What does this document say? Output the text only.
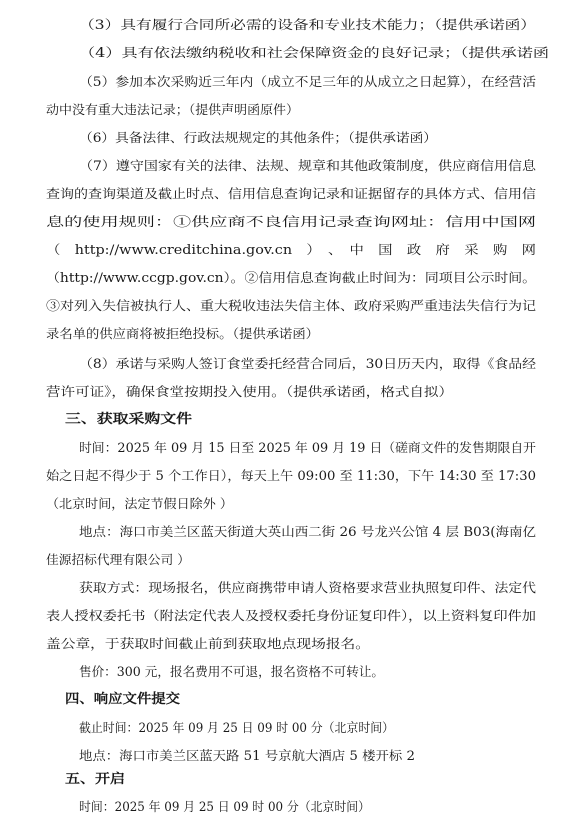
（3）具有履行合同所必需的设备和专业技术能力；（提供承诺函）
（4）具有依法缴纳税收和社会保障资金的良好记录；（提供承诺函
（5）参加本次采购近三年内（成立不足三年的从成立之日起算），在经营活
动中没有重大违法记录；（提供声明函原件）
（6）具备法律、行政法规规定的其他条件；（提供承诺函）
（7）遵守国家有关的法律、法规、规章和其他政策制度，供应商信用信息
查询的查询渠道及截止时点、信用信息查询记录和证据留存的具体方式、信用信
息的使用规则：①供应商不良信用记录查询网址：信用中国网
（　http://www.creditchina.gov.cn　）　、　中　国　政　府　采　购　网
（http://www.ccgp.gov.cn）。②信用信息查询截止时间为：同项目公示时间。
③对列入失信被执行人、重大税收违法失信主体、政府采购严重违法失信行为记
录名单的供应商将被拒绝投标。（提供承诺函）
（8）承诺与采购人签订食堂委托经营合同后，30日历天内，取得《食品经
营许可证》，确保食堂按期投入使用。（提供承诺函，格式自拟）
三、获取采购文件
时间：2025 年 09 月 15 日至 2025 年 09 月 19 日（磋商文件的发售期限自开
始之日起不得少于 5 个工作日），每天上午 09:00 至 11:30，下午 14:30 至 17:30
（北京时间，法定节假日除外 ）
地点：海口市美兰区蓝天街道大英山西二街 26 号龙兴公馆 4 层 B03(海南亿
佳源招标代理有限公司 ）
获取方式：现场报名，供应商携带申请人资格要求营业执照复印件、法定代
表人授权委托书（附法定代表人及授权委托身份证复印件），以上资料复印件加
盖公章，于获取时间截止前到获取地点现场报名。
售价：300 元，报名费用不可退，报名资格不可转让。
四、响应文件提交
截止时间：2025 年 09 月 25 日 09 时 00 分（北京时间）
地点：海口市美兰区蓝天路 51 号京航大酒店 5 楼开标 2
五、开启
时间：2025 年 09 月 25 日 09 时 00 分（北京时间）
